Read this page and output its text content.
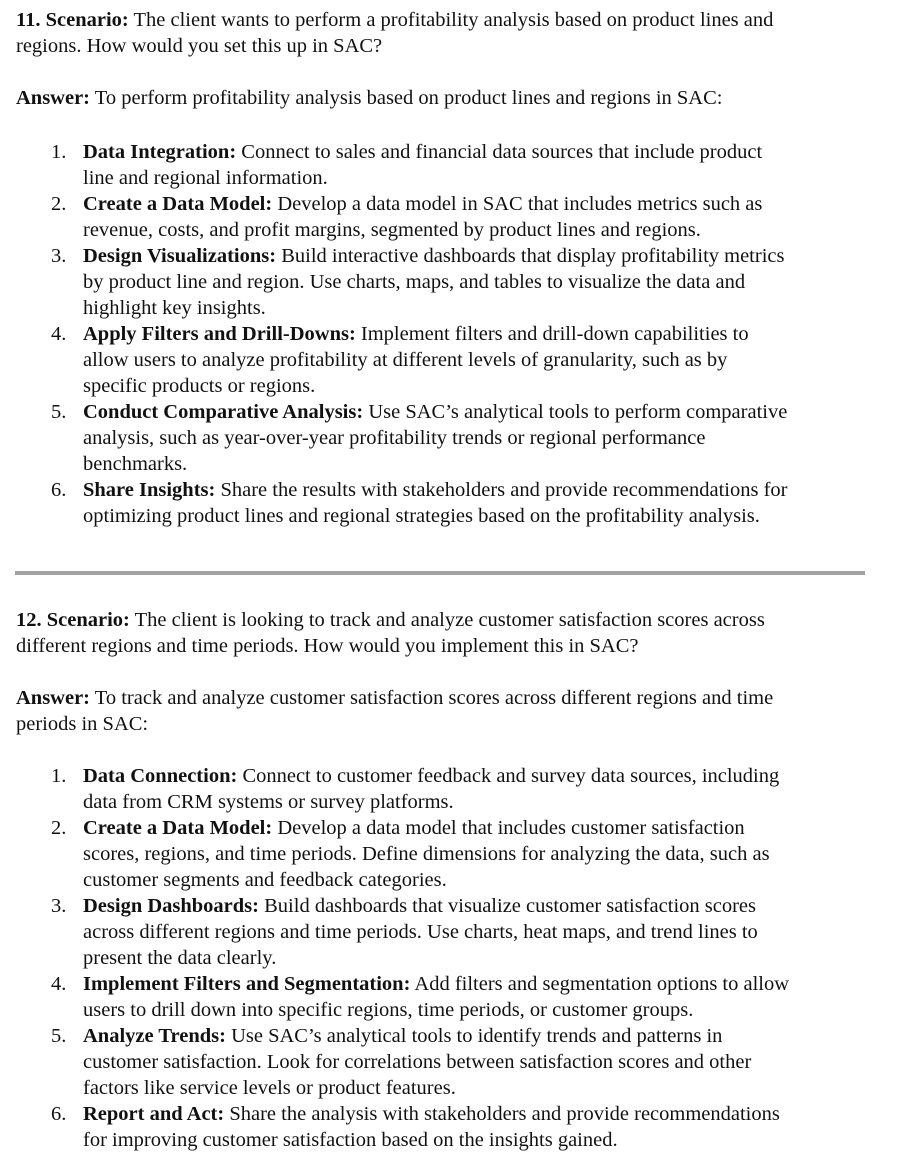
11. Scenario: The client wants to perform a profitability analysis based on product lines and
regions. How would you set this up in SAC?
Answer: To perform profitability analysis based on product lines and regions in SAC:
1. Data Integration: Connect to sales and financial data sources that include product
line and regional information.
2. Create a Data Model: Develop a data model in SAC that includes metrics such as
revenue, costs, and profit margins, segmented by product lines and regions.
3. Design Visualizations: Build interactive dashboards that display profitability metrics
by product line and region. Use charts, maps, and tables to visualize the data and
highlight key insights.
4. Apply Filters and Drill-Downs: Implement filters and drill-down capabilities to
allow users to analyze profitability at different levels of granularity, such as by
specific products or regions.
5. Conduct Comparative Analysis: Use SAC’s analytical tools to perform comparative
analysis, such as year-over-year profitability trends or regional performance
benchmarks.
6. Share Insights: Share the results with stakeholders and provide recommendations for
optimizing product lines and regional strategies based on the profitability analysis.
12. Scenario: The client is looking to track and analyze customer satisfaction scores across
different regions and time periods. How would you implement this in SAC?
Answer: To track and analyze customer satisfaction scores across different regions and time
periods in SAC:
1. Data Connection: Connect to customer feedback and survey data sources, including
data from CRM systems or survey platforms.
2. Create a Data Model: Develop a data model that includes customer satisfaction
scores, regions, and time periods. Define dimensions for analyzing the data, such as
customer segments and feedback categories.
3. Design Dashboards: Build dashboards that visualize customer satisfaction scores
across different regions and time periods. Use charts, heat maps, and trend lines to
present the data clearly.
4. Implement Filters and Segmentation: Add filters and segmentation options to allow
users to drill down into specific regions, time periods, or customer groups.
5. Analyze Trends: Use SAC’s analytical tools to identify trends and patterns in
customer satisfaction. Look for correlations between satisfaction scores and other
factors like service levels or product features.
6. Report and Act: Share the analysis with stakeholders and provide recommendations
for improving customer satisfaction based on the insights gained.
